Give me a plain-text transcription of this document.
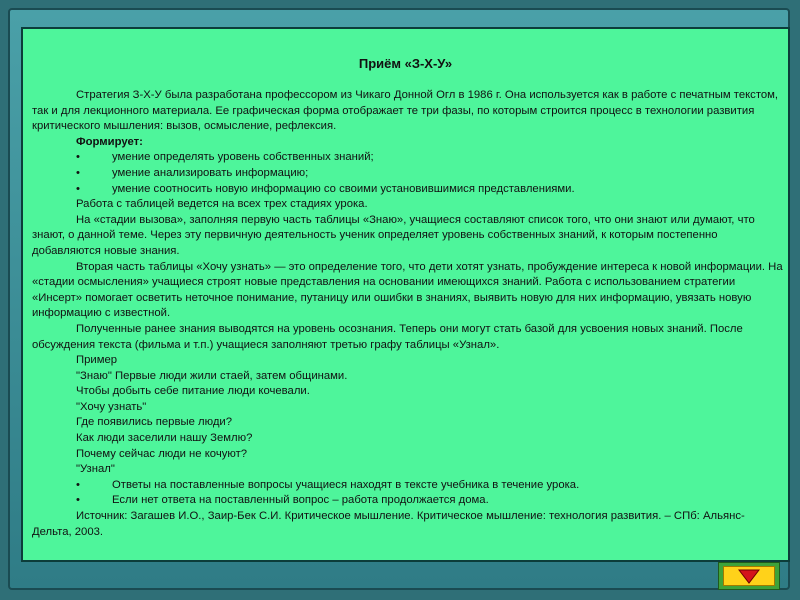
Приём «З-Х-У»

Стратегия З-Х-У была разработана профессором из Чикаго Донной Огл в 1986 г. Она используется как в работе с печатным текстом, так и для лекционного материала. Ее графическая форма отображает те три фазы, по которым строится процесс в технологии развития критического мышления: вызов, осмысление, рефлексия.

Формирует:

•	умение определять уровень собственных знаний;

•	умение анализировать информацию;

•	умение соотносить новую информацию со своими установившимися представлениями.

Работа с таблицей ведется на всех трех стадиях урока.

На «стадии вызова», заполняя первую часть таблицы «Знаю», учащиеся составляют список того, что они знают или думают, что знают, о данной теме. Через эту первичную деятельность ученик определяет уровень собственных знаний, к которым постепенно добавляются новые знания.

Вторая часть таблицы «Хочу узнать» — это определение того, что дети хотят узнать, пробуждение интереса к новой информации. На «стадии осмысления» учащиеся строят новые представления на основании имеющихся знаний. Работа с использованием стратегии «Инсерт» помогает осветить неточное понимание, путаницу или ошибки в знаниях, выявить новую для них информацию, увязать новую информацию с известной.

Полученные ранее знания выводятся на уровень осознания. Теперь они могут стать базой для усвоения новых знаний. После обсуждения текста (фильма и т.п.) учащиеся заполняют третью графу таблицы «Узнал».

Пример

"Знаю" Первые люди жили стаей, затем общинами.

Чтобы добыть себе питание люди кочевали.

"Хочу узнать"

Где появились первые люди?

Как люди заселили нашу Землю?

Почему сейчас люди не кочуют?

"Узнал"

•	Ответы на поставленные вопросы учащиеся находят в тексте учебника в течение урока.

•	Если нет ответа на поставленный вопрос – работа продолжается дома.

Источник: Загашев И.О., Заир-Бек С.И. Критическое мышление. Критическое мышление: технология развития. – СПб: Альянс-Дельта, 2003.
